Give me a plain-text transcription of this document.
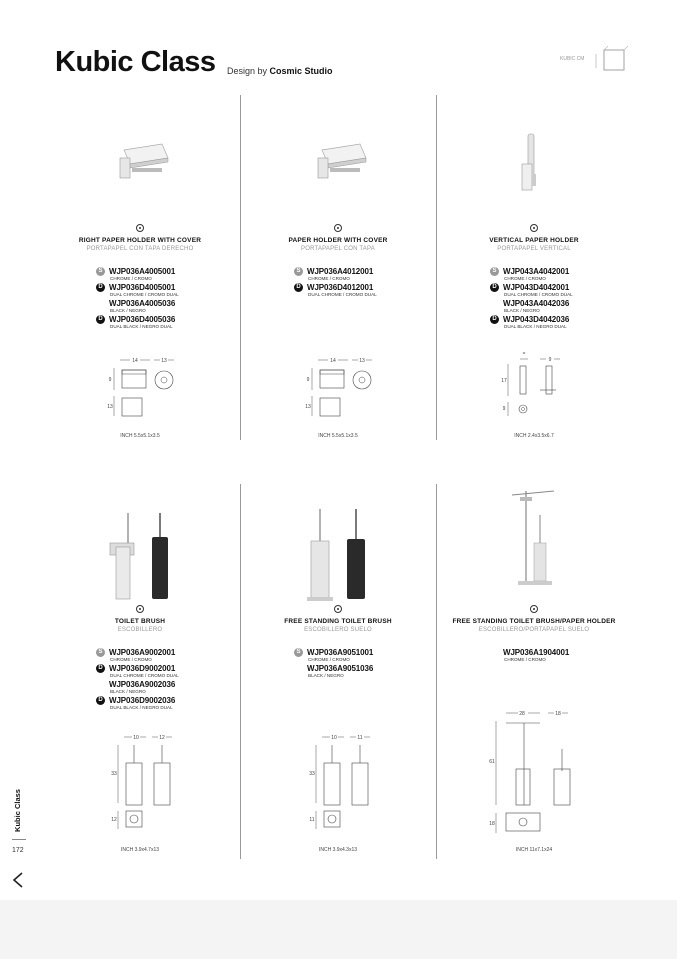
Kubic Class Design by Cosmic Studio
KUBIC CM
RIGHT PAPER HOLDER WITH COVER
PORTAPAPEL CON TAPA DERECHO
S WJP036A4005001
CHROME / CROMO
D WJP036D4005001
DUAL CHROME / CROMO DUAL
WJP036A4005036
BLACK / NEGRO
D WJP036D4005036
DUAL BLACK / NEGRO DUAL
14	13
9
13
INCH 5.5x5.1x3.5
PAPER HOLDER WITH COVER
PORTAPAPEL CON TAPA
S WJP036A4012001
CHROME / CROMO
D WJP036D4012001
DUAL CHROME / CROMO DUAL
14	13
9
13
INCH 5.5x5.1x3.5
VERTICAL PAPER HOLDER
PORTAPAPEL VERTICAL
S WJP043A4042001
CHROME / CROMO
D WJP043D4042001
DUAL CHROME / CROMO DUAL
WJP043A4042036
BLACK / NEGRO
D WJP043D4042036
DUAL BLACK / NEGRO DUAL
6
9
17
9
INCH 2.4x3.5x6.7
TOILET BRUSH
ESCOBILLERO
S WJP036A9002001
CHROME / CROMO
D WJP036D9002001
DUAL CHROME / CROMO DUAL
WJP036A9002036
BLACK / NEGRO
D WJP036D9002036
DUAL BLACK / NEGRO DUAL
10	12
33
12
INCH 3.9x4.7x13
FREE STANDING TOILET BRUSH
ESCOBILLERO SUELO
S WJP036A9051001
CHROME / CROMO
WJP036A9051036
BLACK / NEGRO
10	11
33
11
INCH 3.9x4.3x13
FREE STANDING TOILET BRUSH/PAPER HOLDER
ESCOBILLERO/PORTAPAPEL SUELO
WJP036A1904001
CHROME / CROMO
28	18
61
18
INCH 11x7.1x24
Kubic Class
172
